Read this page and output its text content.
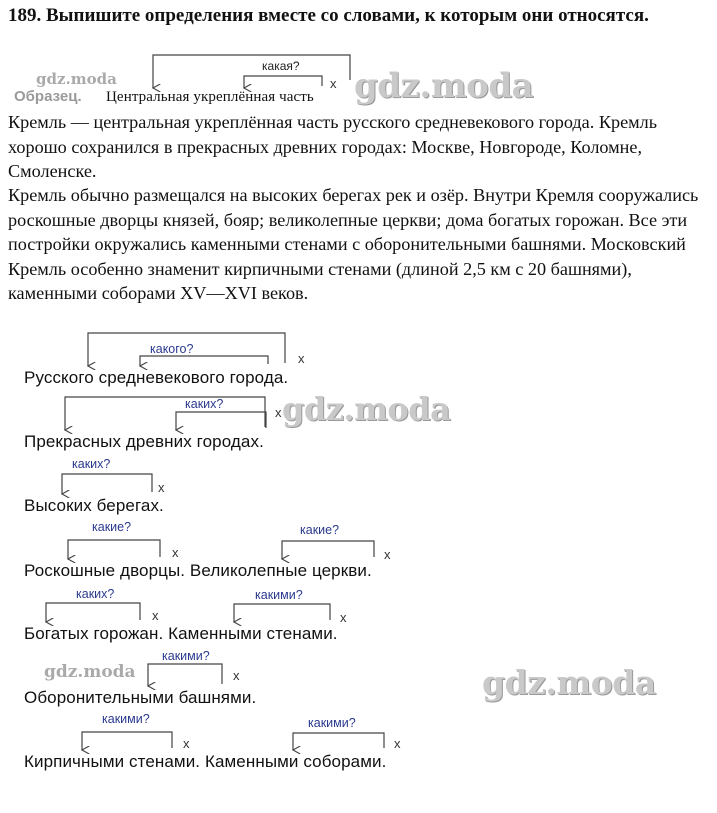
189. Выпишите определения вместе со словами, к которым они относятся.
Образец. Центральная укреплённая часть
какая?
x
Кремль — центральная укреплённая часть русского средневекового города. Кремль хорошо сохранился в прекрасных древних городах: Москве, Новгороде, Коломне, Смоленске.
Кремль обычно размещался на высоких берегах рек и озёр. Внутри Кремля сооружались роскошные дворцы князей, бояр; великолепные церкви; дома богатых горожан. Все эти постройки окружались каменными стенами с оборонительными башнями. Московский Кремль особенно знаменит кирпичными стенами (длиной 2,5 км с 20 башнями), каменными соборами XV—XVI веков.
Русского средневекового города.
Прекрасных древних городах.
Высоких берегах.
Роскошные дворцы. Великолепные церкви.
Богатых горожан. Каменными стенами.
Оборонительными башнями.
Кирпичными стенами. Каменными соборами.
какого?
каких?
каких?
какие?	какие?
каких?	какими?
какими?
какими?	какими?
x
x
x
x	x
x	x
x
x	x
gdz.moda	gdz.moda
gdz.moda
gdz.moda	gdz.moda
